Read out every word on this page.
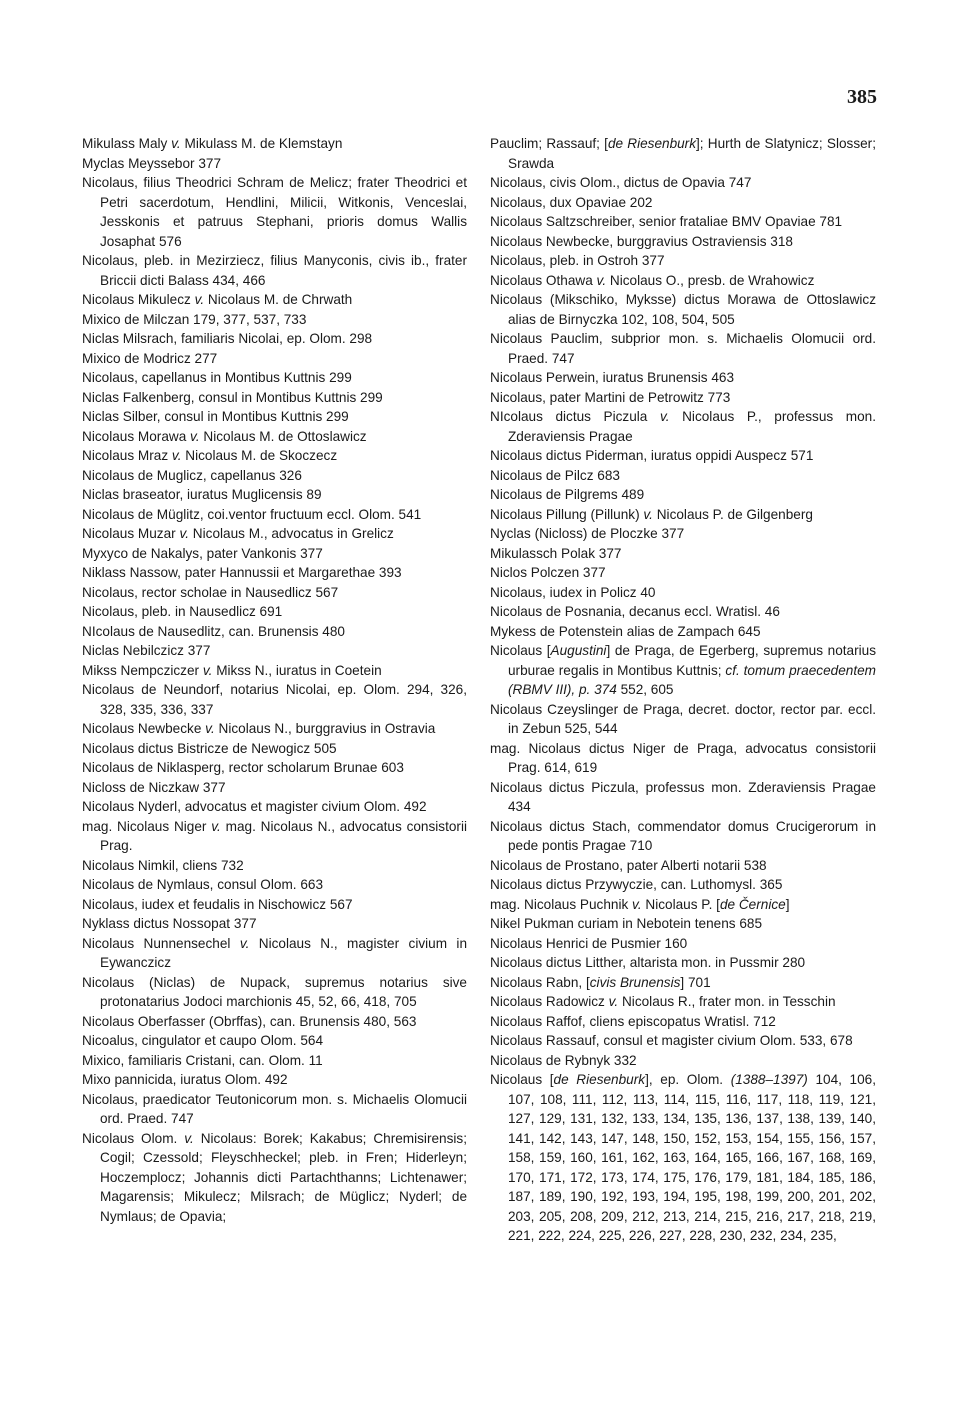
385
Mikulass Maly v. Mikulass M. de Klemstayn
Myclas Meyssebor 377
Nicolaus, filius Theodrici Schram de Melicz; frater Theodrici et Petri sacerdotum, Hendlini, Milicii, Witkonis, Venceslai, Jesskonis et patruus Stephani, prioris domus Wallis Josaphat 576
Nicolaus, pleb. in Mezirziecz, filius Manyconis, civis ib., frater Briccii dicti Balass 434, 466
Nicolaus Mikulecz v. Nicolaus M. de Chrwath
Mixico de Milczan 179, 377, 537, 733
Niclas Milsrach, familiaris Nicolai, ep. Olom. 298
Mixico de Modricz 277
Nicolaus, capellanus in Montibus Kuttnis 299
Niclas Falkenberg, consul in Montibus Kuttnis 299
Niclas Silber, consul in Montibus Kuttnis 299
Nicolaus Morawa v. Nicolaus M. de Ottoslawicz
Nicolaus Mraz v. Nicolaus M. de Skoczecz
Nicolaus de Muglicz, capellanus 326
Niclas braseator, iuratus Muglicensis 89
Nicolaus de Müglitz, coi.ventor fructuum eccl. Olom. 541
Nicolaus Muzar v. Nicolaus M., advocatus in Grelicz
Myxyco de Nakalys, pater Vankonis 377
Niklass Nassow, pater Hannussii et Margarethae 393
Nicolaus, rector scholae in Nausedlicz 567
Nicolaus, pleb. in Nausedlicz 691
NIcolaus de Nausedlitz, can. Brunensis 480
Niclas Nebilczicz 377
Mikss Nempcziczer v. Mikss N., iuratus in Coetein
Nicolaus de Neundorf, notarius Nicolai, ep. Olom. 294, 326, 328, 335, 336, 337
Nicolaus Newbecke v. Nicolaus N., burggravius in Ostravia
Nicolaus dictus Bistricze de Newogicz 505
Nicolaus de Niklasperg, rector scholarum Brunae 603
Nicloss de Niczkaw 377
Nicolaus Nyderl, advocatus et magister civium Olom. 492
mag. Nicolaus Niger v. mag. Nicolaus N., advocatus consistorii Prag.
Nicolaus Nimkil, cliens 732
Nicolaus de Nymlaus, consul Olom. 663
Nicolaus, iudex et feudalis in Nischowicz 567
Nyklass dictus Nossopat 377
Nicolaus Nunnensechel v. Nicolaus N., magister civium in Eywanczicz
Nicolaus (Niclas) de Nupack, supremus notarius sive protonatarius Jodoci marchionis 45, 52, 66, 418, 705
Nicolaus Oberfasser (Obrffas), can. Brunensis 480, 563
Nicoalus, cingulator et caupo Olom. 564
Mixico, familiaris Cristani, can. Olom. 11
Mixo pannicida, iuratus Olom. 492
Nicolaus, praedicator Teutonicorum mon. s. Michaelis Olomucii ord. Praed. 747
Nicolaus Olom. v. Nicolaus: Borek; Kakabus; Chremisirensis; Cogil; Czessold; Fleyschheckel; pleb. in Fren; Hiderleyn; Hoczemplocz; Johannis dicti Partachthanns; Lichtenawer; Magarensis; Mikulecz; Milsrach; de Müglicz; Nyderl; de Nymlaus; de Opavia;
Pauclim; Rassauf; [de Riesenburk]; Hurth de Slatynicz; Slosser; Srawda
Nicolaus, civis Olom., dictus de Opavia 747
Nicolaus, dux Opaviae 202
Nicolaus Saltzschreiber, senior frataliae BMV Opaviae 781
Nicolaus Newbecke, burggravius Ostraviensis 318
Nicolaus, pleb. in Ostroh 377
Nicolaus Othawa v. Nicolaus O., presb. de Wrahowicz
Nicolaus (Mikschiko, Myksse) dictus Morawa de Ottoslawicz alias de Birnyczka 102, 108, 504, 505
Nicolaus Pauclim, subprior mon. s. Michaelis Olomucii ord. Praed. 747
Nicolaus Perwein, iuratus Brunensis 463
Nicolaus, pater Martini de Petrowitz 773
NIcolaus dictus Piczula v. Nicolaus P., professus mon. Zderaviensis Pragae
Nicolaus dictus Piderman, iuratus oppidi Auspecz 571
Nicolaus de Pilcz 683
Nicolaus de Pilgrems 489
Nicolaus Pillung (Pillunk) v. Nicolaus P. de Gilgenberg
Nyclas (Nicloss) de Ploczke 377
Mikulassch Polak 377
Niclos Polczen 377
Nicolaus, iudex in Policz 40
Nicolaus de Posnania, decanus eccl. Wratisl. 46
Mykess de Potenstein alias de Zampach 645
Nicolaus [Augustini] de Praga, de Egerberg, supremus notarius urburae regalis in Montibus Kuttnis; cf. tomum praecedentem (RBMV III), p. 374 552, 605
Nicolaus Czeyslinger de Praga, decret. doctor, rector par. eccl. in Zebun 525, 544
mag. Nicolaus dictus Niger de Praga, advocatus consistorii Prag. 614, 619
Nicolaus dictus Piczula, professus mon. Zderaviensis Pragae 434
Nicolaus dictus Stach, commendator domus Crucigerorum in pede pontis Pragae 710
Nicolaus de Prostano, pater Alberti notarii 538
Nicolaus dictus Przywyczie, can. Luthomysl. 365
mag. Nicolaus Puchnik v. Nicolaus P. [de Černice]
Nikel Pukman curiam in Nebotein tenens 685
Nicolaus Henrici de Pusmier 160
Nicolaus dictus Litther, altarista mon. in Pussmir 280
Nicolaus Rabn, [civis Brunensis] 701
Nicolaus Radowicz v. Nicolaus R., frater mon. in Tesschin
Nicolaus Raffof, cliens episcopatus Wratisl. 712
Nicolaus Rassauf, consul et magister civium Olom. 533, 678
Nicolaus de Rybnyk 332
Nicolaus [de Riesenburk], ep. Olom. (1388–1397) 104, 106, 107, 108, 111, 112, 113, 114, 115, 116, 117, 118, 119, 121, 127, 129, 131, 132, 133, 134, 135, 136, 137, 138, 139, 140, 141, 142, 143, 147, 148, 150, 152, 153, 154, 155, 156, 157, 158, 159, 160, 161, 162, 163, 164, 165, 166, 167, 168, 169, 170, 171, 172, 173, 174, 175, 176, 179, 181, 184, 185, 186, 187, 189, 190, 192, 193, 194, 195, 198, 199, 200, 201, 202, 203, 205, 208, 209, 212, 213, 214, 215, 216, 217, 218, 219, 221, 222, 224, 225, 226, 227, 228, 230, 232, 234, 235,
